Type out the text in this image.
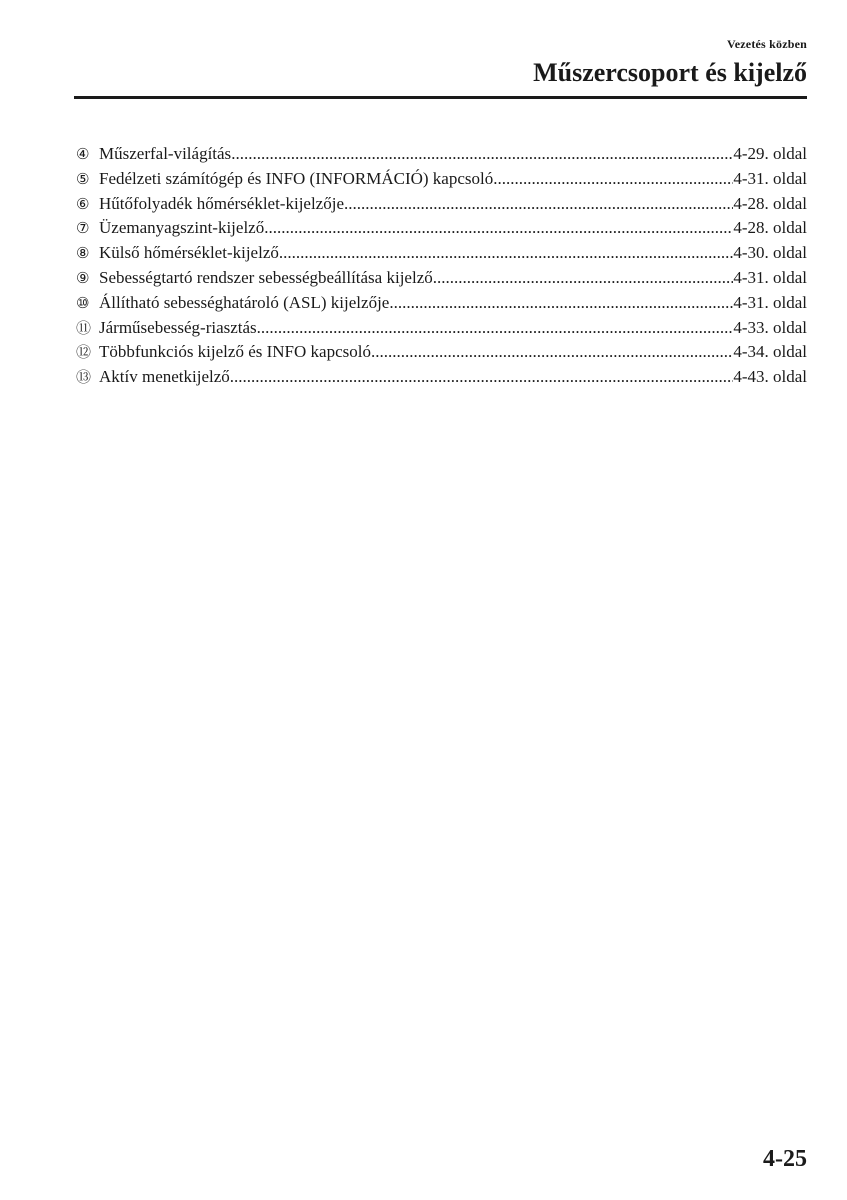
Vezetés közben
Műszercsoport és kijelző
④ Műszerfal-világítás .....	4-29. oldal
⑤ Fedélzeti számítógép és INFO (INFORMÁCIÓ) kapcsoló .....	4-31. oldal
⑥ Hűtőfolyadék hőmérséklet-kijelzője .....	4-28. oldal
⑦ Üzemanyagszint-kijelző .....	4-28. oldal
⑧ Külső hőmérséklet-kijelző .....	4-30. oldal
⑨ Sebességtartó rendszer sebességbeállítása kijelző .....	4-31. oldal
⑩ Állítható sebességhatároló (ASL) kijelzője .....	4-31. oldal
⑪ Járműsebesség-riasztás .....	4-33. oldal
⑫ Többfunkciós kijelző és INFO kapcsoló .....	4-34. oldal
⑬ Aktív menetkijelző .....	4-43. oldal
4-25
